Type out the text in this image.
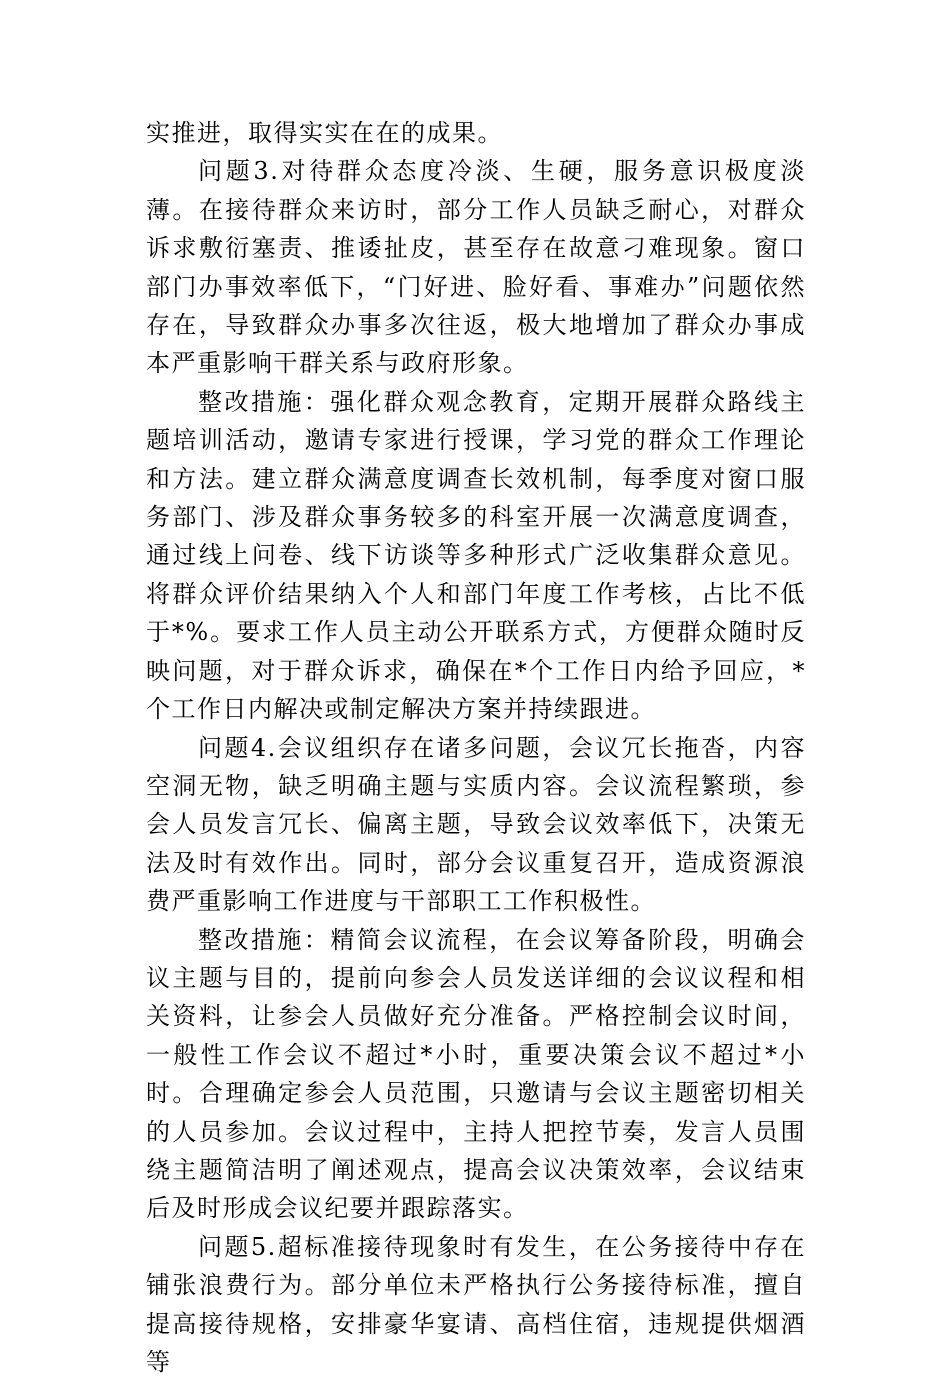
实推进，取得实实在在的成果。

问题3.对待群众态度冷淡、生硬，服务意识极度淡薄。在接待群众来访时，部分工作人员缺乏耐心，对群众诉求敷衍塞责、推诿扯皮，甚至存在故意刁难现象。窗口部门办事效率低下，“门好进、脸好看、事难办”问题依然存在，导致群众办事多次往返，极大地增加了群众办事成本严重影响干群关系与政府形象。

整改措施：强化群众观念教育，定期开展群众路线主题培训活动，邀请专家进行授课，学习党的群众工作理论和方法。建立群众满意度调查长效机制，每季度对窗口服务部门、涉及群众事务较多的科室开展一次满意度调查，通过线上问卷、线下访谈等多种形式广泛收集群众意见。将群众评价结果纳入个人和部门年度工作考核，占比不低于*%。要求工作人员主动公开联系方式，方便群众随时反映问题，对于群众诉求，确保在*个工作日内给予回应，*个工作日内解决或制定解决方案并持续跟进。

问题4.会议组织存在诸多问题，会议冗长拖沓，内容空洞无物，缺乏明确主题与实质内容。会议流程繁琐，参会人员发言冗长、偏离主题，导致会议效率低下，决策无法及时有效作出。同时，部分会议重复召开，造成资源浪费严重影响工作进度与干部职工工作积极性。

整改措施：精简会议流程，在会议筹备阶段，明确会议主题与目的，提前向参会人员发送详细的会议议程和相关资料，让参会人员做好充分准备。严格控制会议时间，一般性工作会议不超过*小时，重要决策会议不超过*小时。合理确定参会人员范围，只邀请与会议主题密切相关的人员参加。会议过程中，主持人把控节奏，发言人员围绕主题简洁明了阐述观点，提高会议决策效率，会议结束后及时形成会议纪要并跟踪落实。

问题5.超标准接待现象时有发生，在公务接待中存在铺张浪费行为。部分单位未严格执行公务接待标准，擅自提高接待规格，安排豪华宴请、高档住宿，违规提供烟酒等
